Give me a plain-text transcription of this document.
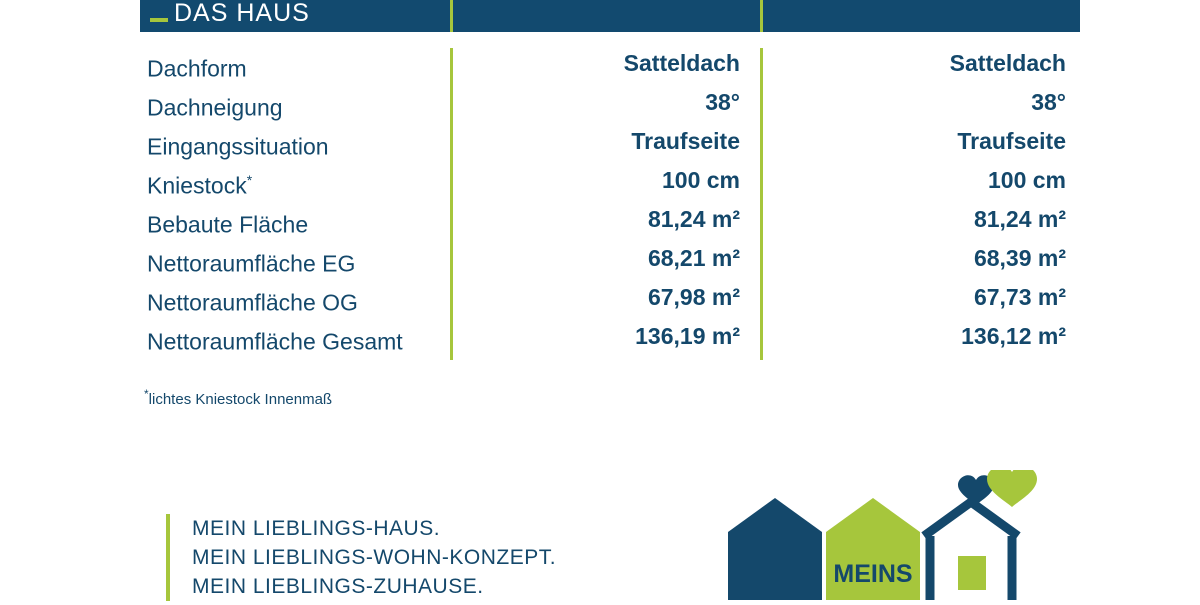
DAS HAUS
Dachform	Satteldach	Satteldach
Dachneigung	38°	38°
Eingangssituation	Traufseite	Traufseite
Kniestock*	100 cm	100 cm
Bebaute Fläche	81,24 m²	81,24 m²
Nettoraumfläche EG	68,21 m²	68,39 m²
Nettoraumfläche OG	67,98 m²	67,73 m²
Nettoraumfläche Gesamt	136,19 m²	136,12 m²
*lichtes Kniestock Innenmaß
MEIN LIEBLINGS-HAUS.
MEIN LIEBLINGS-WOHN-KONZEPT.
MEIN LIEBLINGS-ZUHAUSE.	MEINS
